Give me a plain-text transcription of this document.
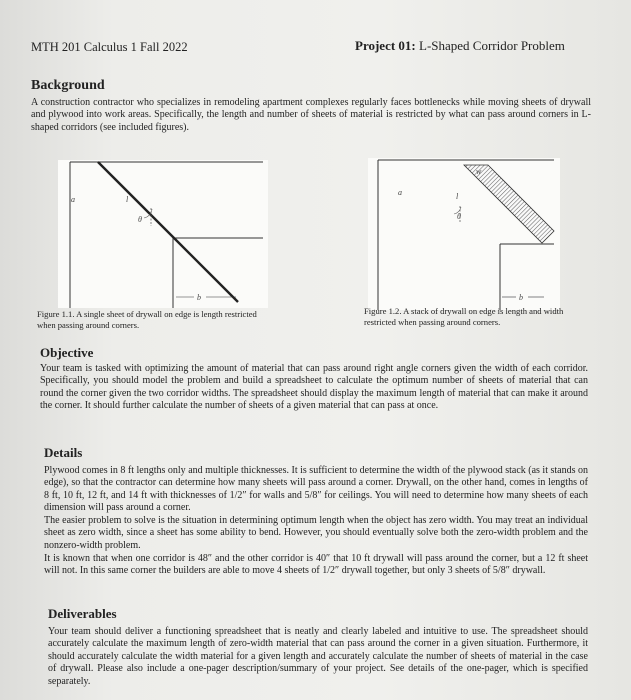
MTH 201 Calculus 1 Fall 2022	Project 01: L-Shaped Corridor Problem
Background

A construction contractor who specializes in remodeling apartment complexes regularly faces bottlenecks while moving sheets of drywall and plywood into work areas. Specifically, the length and number of sheets of material is restricted by what can pass around corners in L-shaped corridors (see included figures).

a	l
θ
b

Figure 1.1. A single sheet of drywall on edge is length restricted when passing around corners.

w
a	l
θ
b

Figure 1.2. A stack of drywall on edge is length and width restricted when passing around corners.

Objective

Your team is tasked with optimizing the amount of material that can pass around right angle corners given the width of each corridor. Specifically, you should model the problem and build a spreadsheet to calculate the optimum number of sheets of material that can round the corner given the two corridor widths. The spreadsheet should display the maximum length of material that can make it around the corner. It should further calculate the number of sheets of a given material that can pass at once.

Details

Plywood comes in 8 ft lengths only and multiple thicknesses. It is sufficient to determine the width of the plywood stack (as it stands on edge), so that the contractor can determine how many sheets will pass around a corner. Drywall, on the other hand, comes in lengths of 8 ft, 10 ft, 12 ft, and 14 ft with thicknesses of 1/2″ for walls and 5/8″ for ceilings. You will need to determine how many sheets of each dimension will pass around a corner.

The easier problem to solve is the situation in determining optimum length when the object has zero width. You may treat an individual sheet as zero width, since a sheet has some ability to bend. However, you should eventually solve both the zero-width problem and the nonzero-width problem.

It is known that when one corridor is 48″ and the other corridor is 40″ that 10 ft drywall will pass around the corner, but a 12 ft sheet will not. In this same corner the builders are able to move 4 sheets of 1/2″ drywall together, but only 3 sheets of 5/8″ drywall.

Deliverables

Your team should deliver a functioning spreadsheet that is neatly and clearly labeled and intuitive to use. The spreadsheet should accurately calculate the maximum length of zero-width material that can pass around the corner in a given situation. Furthermore, it should accurately calculate the width material for a given length and accurately calculate the number of sheets of material in the case of drywall. Please also include a one-pager description/summary of your project. See details of the one-pager, which is specified separately.
